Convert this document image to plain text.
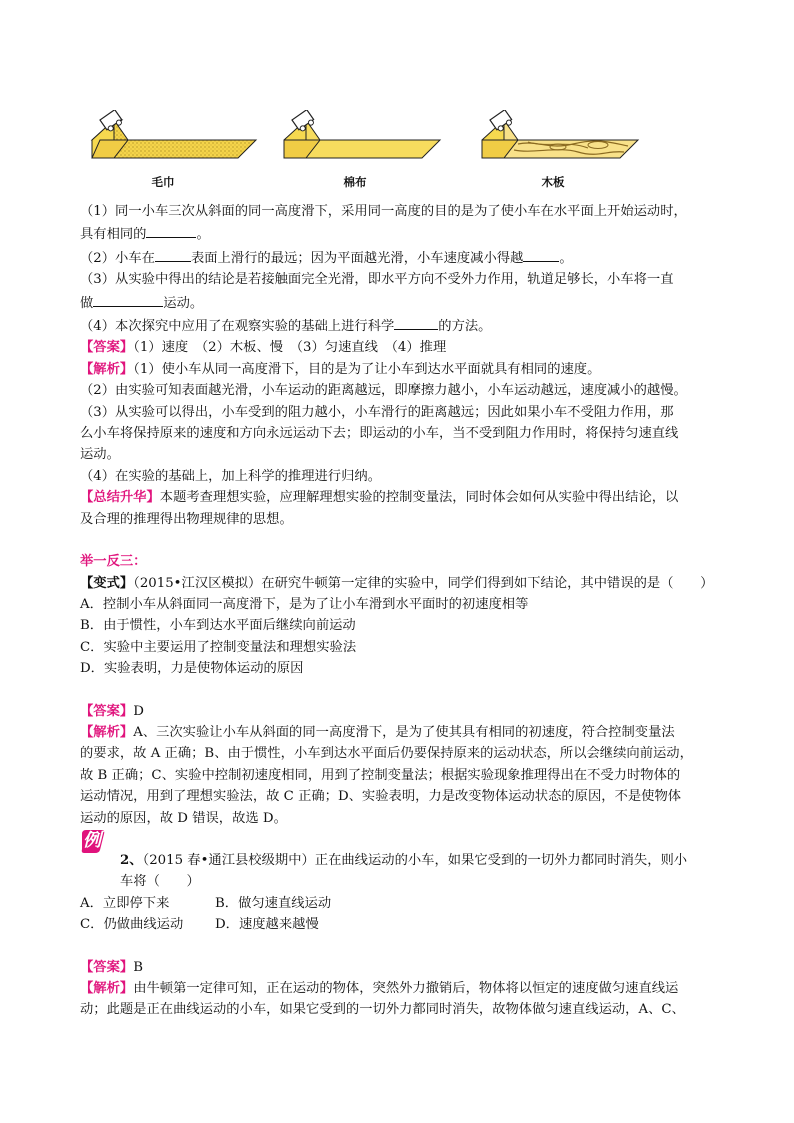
毛巾	棉布	木板

（1）同一小车三次从斜面的同一高度滑下，采用同一高度的目的是为了使小车在水平面上开始运动时，

具有相同的	。

（2）小车在	表面上滑行的最远；因为平面越光滑，小车速度减小得越	。

（3）从实验中得出的结论是若接触面完全光滑，即水平方向不受外力作用，轨道足够长，小车将一直

做	运动。

（4）本次探究中应用了在观察实验的基础上进行科学	的方法。

【答案】（1）速度　（2）木板、慢　（3）匀速直线　（4）推理

【解析】（1）使小车从同一高度滑下，目的是为了让小车到达水平面就具有相同的速度。

（2）由实验可知表面越光滑，小车运动的距离越远，即摩擦力越小，小车运动越远，速度减小的越慢。

（3）从实验可以得出，小车受到的阻力越小，小车滑行的距离越远；因此如果小车不受阻力作用，那

么小车将保持原来的速度和方向永远运动下去；即运动的小车，当不受到阻力作用时，将保持匀速直线

运动。

（4）在实验的基础上，加上科学的推理进行归纳。

【总结升华】本题考查理想实验，应理解理想实验的控制变量法，同时体会如何从实验中得出结论，以

及合理的推理得出物理规律的思想。

举一反三：

【变式】（2015•江汉区模拟）在研究牛顿第一定律的实验中，同学们得到如下结论，其中错误的是（　　）

A．控制小车从斜面同一高度滑下，是为了让小车滑到水平面时的初速度相等

B．由于惯性，小车到达水平面后继续向前运动

C．实验中主要运用了控制变量法和理想实验法

D．实验表明，力是使物体运动的原因

【答案】D

【解析】A、三次实验让小车从斜面的同一高度滑下，是为了使其具有相同的初速度，符合控制变量法

的要求，故 A 正确；B、由于惯性，小车到达水平面后仍要保持原来的运动状态，所以会继续向前运动，

故 B 正确；C、实验中控制初速度相同，用到了控制变量法；根据实验现象推理得出在不受力时物体的

运动情况，用到了理想实验法，故 C 正确；D、实验表明，力是改变物体运动状态的原因，不是使物体

运动的原因，故 D 错误，故选 D。

例
2、（2015 春•通江县校级期中）正在曲线运动的小车，如果它受到的一切外力都同时消失，则小

车将（　　）

A．立即停下来	B．做匀速直线运动

C．仍做曲线运动 D．速度越来越慢

【答案】B

【解析】由牛顿第一定律可知，正在运动的物体，突然外力撤销后，物体将以恒定的速度做匀速直线运

动；此题是正在曲线运动的小车，如果它受到的一切外力都同时消失，故物体做匀速直线运动，A、C、
